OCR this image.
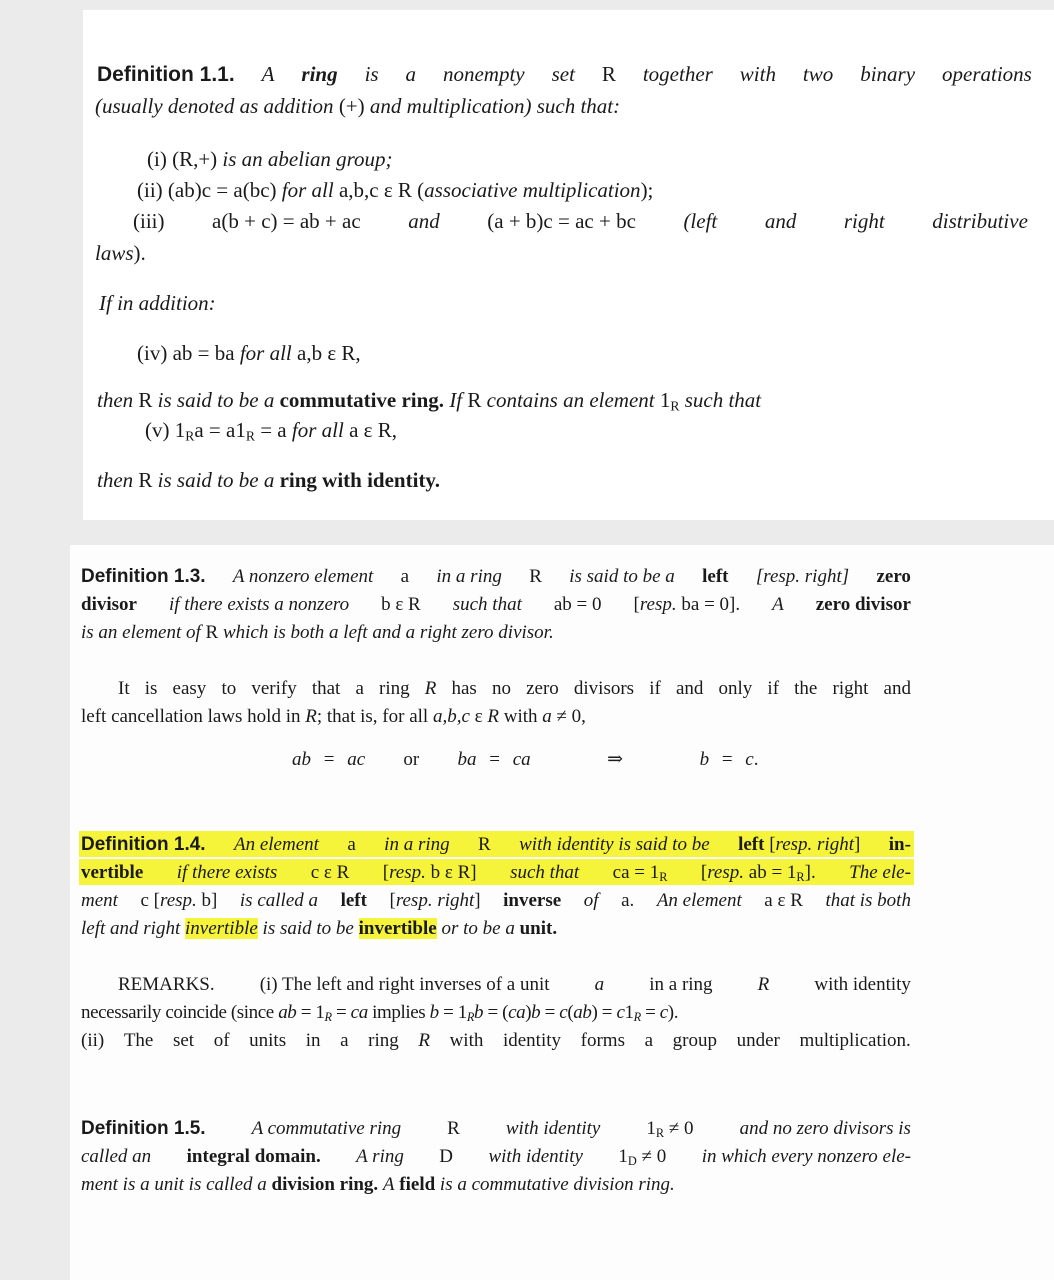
Definition 1.1. A ring is a nonempty set R together with two binary operations
(usually denoted as addition (+) and multiplication) such that:
(i) (R,+) is an abelian group;
(ii) (ab)c = a(bc) for all a,b,c ε R (associative multiplication);
(iii) a(b + c) = ab + ac and (a + b)c = ac + bc (left and right distributive
laws).
If in addition:
(iv) ab = ba for all a,b ε R,
then R is said to be a commutative ring. If R contains an element $1_R$ such that
(v) $1_Ra = a1_R = a$ for all a ε R,
then R is said to be a ring with identity.
Definition 1.3. A nonzero element a in a ring R is said to be a left [resp. right] zero
divisor if there exists a nonzero b ε R such that ab = 0 [resp. ba = 0]. A zero divisor
is an element of R which is both a left and a right zero divisor.
It is easy to verify that a ring R has no zero divisors if and only if the right and
left cancellation laws hold in R; that is, for all a,b,c ε R with a ≠ 0,
ab = ac   or   ba = ca      ⇒      b = c.
Definition 1.4. An element a in a ring R with identity is said to be left [resp. right] in-
vertible if there exists c ε R [resp. b ε R] such that ca = $1_R$ [resp. ab = $1_R$]. The ele-
ment c [resp. b] is called a left [resp. right] inverse of a. An element a ε R that is both
left and right invertible is said to be invertible or to be a unit.
REMARKS. (i) The left and right inverses of a unit a in a ring R with identity
necessarily coincide (since ab = $1_R$ = ca implies $b = 1_Rb = (ca)b = c(ab) = c1_R = c$).
(ii) The set of units in a ring R with identity forms a group under multiplication.
Definition 1.5. A commutative ring R with identity $1_R \ne 0$ and no zero divisors is
called an integral domain. A ring D with identity $1_D \ne 0$ in which every nonzero ele-
ment is a unit is called a division ring. A field is a commutative division ring.
